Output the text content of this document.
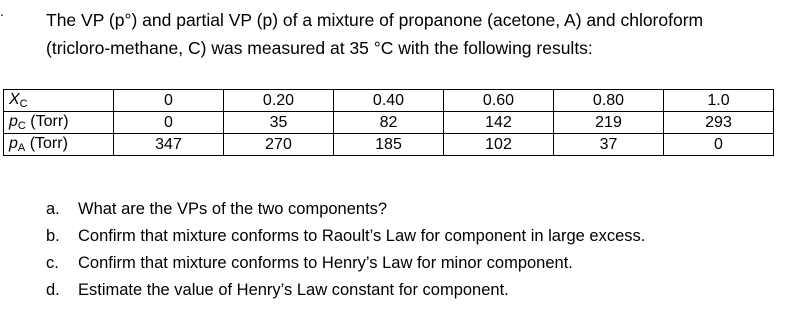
. The VP (p°) and partial VP (p) of a mixture of propanone (acetone, A) and chloroform

(tricloro-methane, C) was measured at 35 °C with the following results:

XC	0	0.20	0.40	0.60	0.80	1.0
pC (Torr)	0	35	82	142	219	293
pA (Torr)	347	270	185	102	37	0
a.	What are the VPs of the two components?
b.	Confirm that mixture conforms to Raoult’s Law for component in large excess.
c.	Confirm that mixture conforms to Henry’s Law for minor component.
d.	Estimate the value of Henry’s Law constant for component.
